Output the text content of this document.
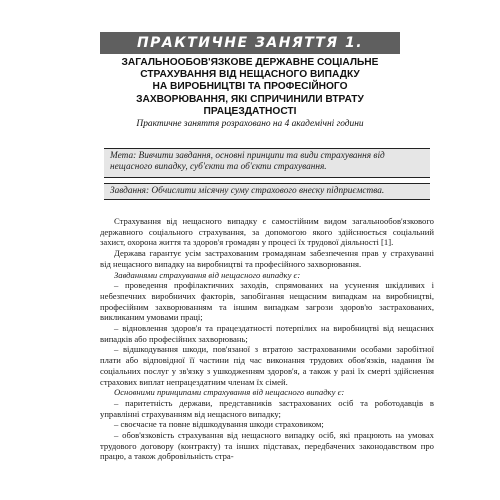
ПРАКТИЧНЕ ЗАНЯТТЯ 1.
ЗАГАЛЬНООБОВ'ЯЗКОВЕ ДЕРЖАВНЕ СОЦІАЛЬНЕ
СТРАХУВАННЯ ВІД НЕЩАСНОГО ВИПАДКУ
НА ВИРОБНИЦТВІ ТА ПРОФЕСІЙНОГО
ЗАХВОРЮВАННЯ, ЯКІ СПРИЧИНИЛИ ВТРАТУ
ПРАЦЕЗДАТНОСТІ
Практичне заняття розраховано на 4 академічні години
Мета: Вивчити завдання, основні принципи та види страхування від нещасного випадку, суб'єкти та об'єкти страхування.
Завдання: Обчислити місячну суму страхового внеску підприємства.

Страхування від нещасного випадку є самостійним видом загальнообов'язкового державного соціального страхування, за допомогою якого здійснюється соціальний захист, охорона життя та здоров'я громадян у процесі їх трудової діяльності [1].

Держава гарантує усім застрахованим громадянам забезпечення прав у страхуванні від нещасного випадку на виробництві та професійного захворювання.

Завданнями страхування від нещасного випадку є:

– проведення профілактичних заходів, спрямованих на усунення шкідливих і небезпечних виробничих факторів, запобігання нещасним випадкам на виробництві, професійним захворюванням та іншим випадкам загрози здоров'ю застрахованих, викликаним умовами праці;

– відновлення здоров'я та працездатності потерпілих на виробництві від нещасних випадків або професійних захворювань;

– відшкодування шкоди, пов'язаної з втратою застрахованими особами заробітної плати або відповідної її частини під час виконання трудових обов'язків, надання їм соціальних послуг у зв'язку з ушкодженням здоров'я, а також у разі їх смерті здійснення страхових виплат непрацездатним членам їх сімей.

Основними принципами страхування від нещасного випадку є:

– паритетність держави, представників застрахованих осіб та роботодавців в управлінні страхуванням від нещасного випадку;

– своєчасне та повне відшкодування шкоди страховиком;

– обов'язковість страхування від нещасного випадку осіб, які працюють на умовах трудового договору (контракту) та інших підставах, передбачених законодавством про працю, а також добровільність стра-
